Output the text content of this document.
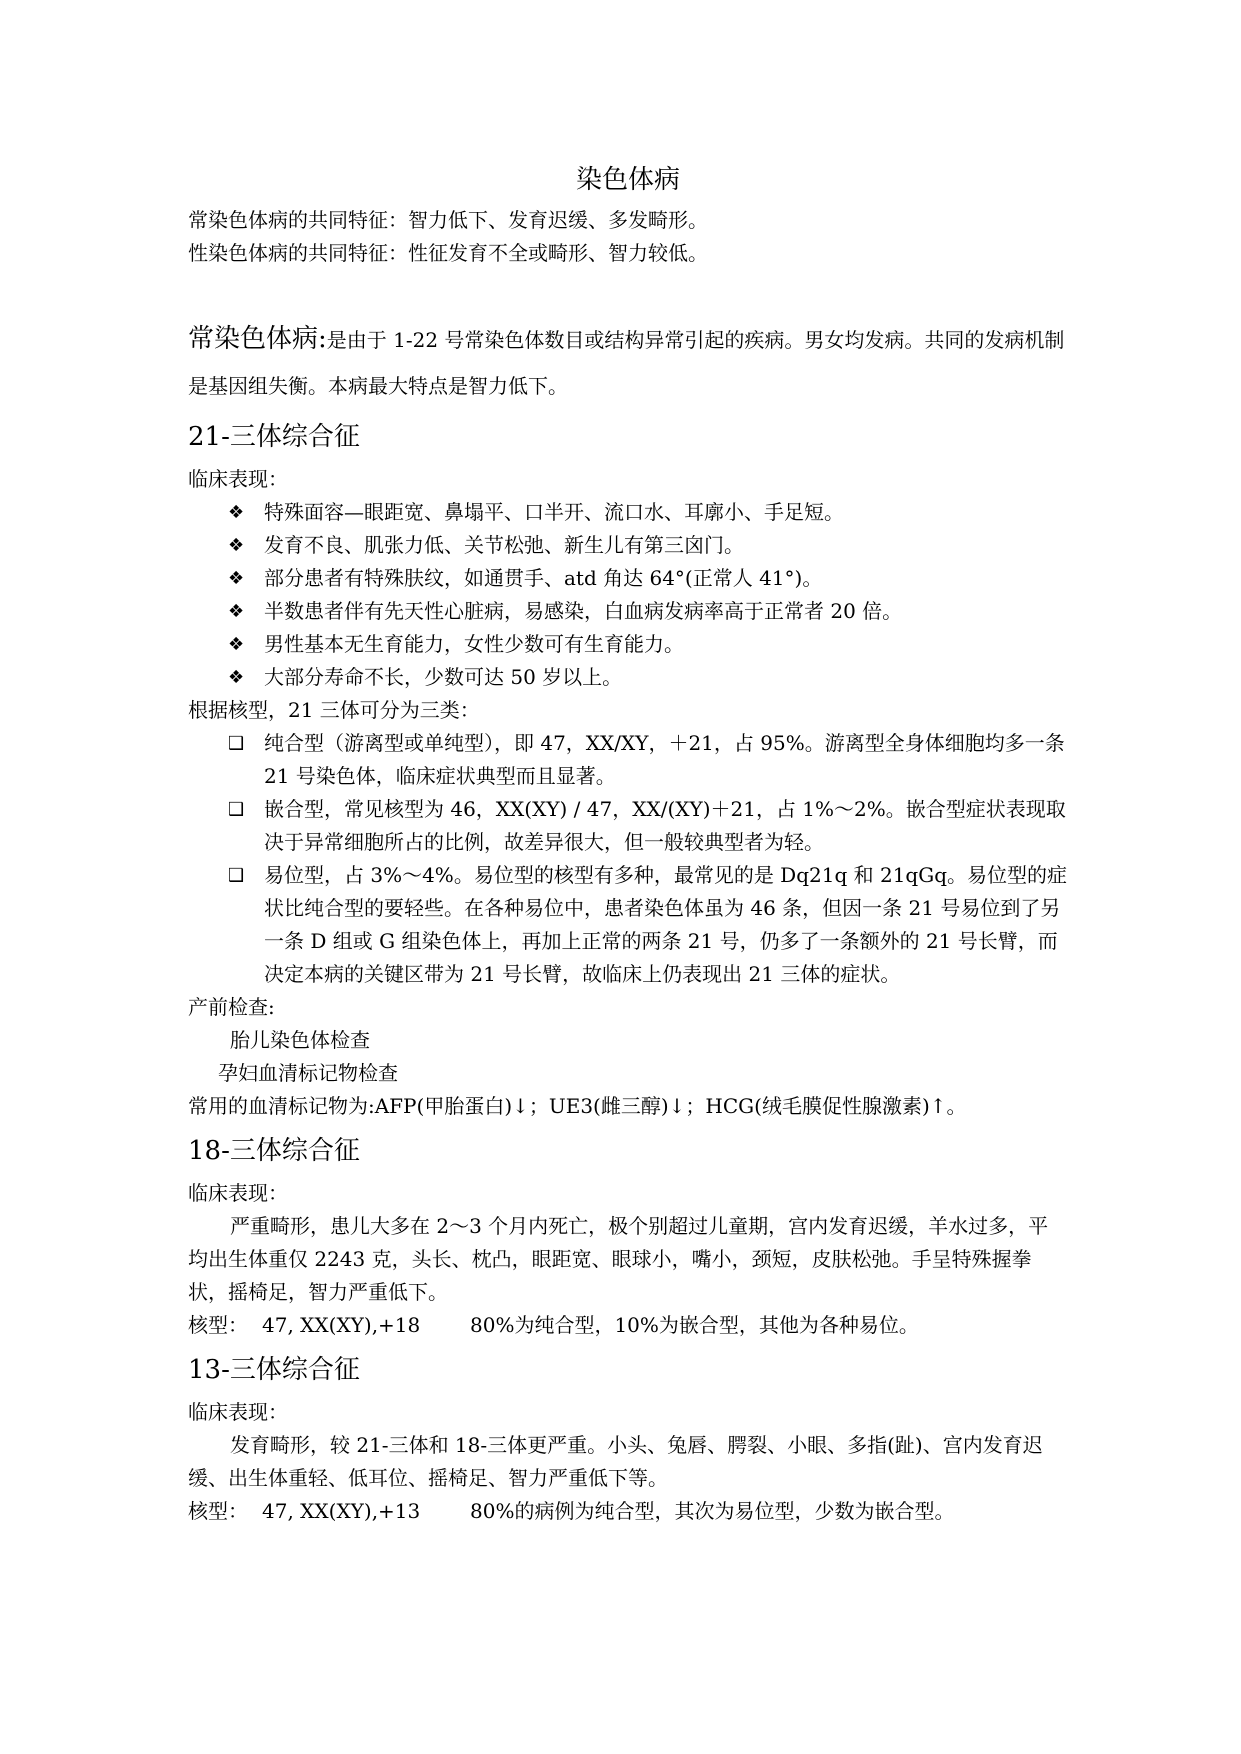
染色体病

常染色体病的共同特征：智力低下、发育迟缓、多发畸形。

性染色体病的共同特征：性征发育不全或畸形、智力较低。

常染色体病:是由于 1-22 号常染色体数目或结构异常引起的疾病。男女均发病。共同的发病机制是基因组失衡。本病最大特点是智力低下。

21-三体综合征

临床表现：

❖ 特殊面容—眼距宽、鼻塌平、口半开、流口水、耳廓小、手足短。
❖ 发育不良、肌张力低、关节松弛、新生儿有第三囟门。
❖ 部分患者有特殊肤纹，如通贯手、atd 角达 64°(正常人 41°)。
❖ 半数患者伴有先天性心脏病，易感染，白血病发病率高于正常者 20 倍。
❖ 男性基本无生育能力，女性少数可有生育能力。
❖ 大部分寿命不长，少数可达 50 岁以上。

根据核型，21 三体可分为三类：

❑ 纯合型（游离型或单纯型），即 47，XX/XY，＋21，占 95%。游离型全身体细胞均多一条 21 号染色体，临床症状典型而且显著。
❑ 嵌合型，常见核型为 46，XX(XY) / 47，XX/(XY)＋21，占 1%～2%。嵌合型症状表现取决于异常细胞所占的比例，故差异很大，但一般较典型者为轻。
❑ 易位型，占 3%～4%。易位型的核型有多种，最常见的是 Dq21q 和 21qGq。易位型的症状比纯合型的要轻些。在各种易位中，患者染色体虽为 46 条，但因一条 21 号易位到了另一条 D 组或 G 组染色体上，再加上正常的两条 21 号，仍多了一条额外的 21 号长臂，而决定本病的关键区带为 21 号长臂，故临床上仍表现出 21 三体的症状。

产前检查:

胎儿染色体检查

孕妇血清标记物检查

常用的血清标记物为:AFP(甲胎蛋白)↓；UE3(雌三醇)↓；HCG(绒毛膜促性腺激素)↑。

18-三体综合征

临床表现：

严重畸形，患儿大多在 2～3 个月内死亡，极个别超过儿童期，宫内发育迟缓，羊水过多，平均出生体重仅 2243 克，头长、枕凸，眼距宽、眼球小，嘴小，颈短，皮肤松弛。手呈特殊握拳状，摇椅足，智力严重低下。

核型： 47, XX(XY),+18 80%为纯合型，10%为嵌合型，其他为各种易位。

13-三体综合征

临床表现：

发育畸形，较 21-三体和 18-三体更严重。小头、兔唇、腭裂、小眼、多指(趾)、宫内发育迟缓、出生体重轻、低耳位、摇椅足、智力严重低下等。

核型： 47, XX(XY),+13 80%的病例为纯合型，其次为易位型，少数为嵌合型。
